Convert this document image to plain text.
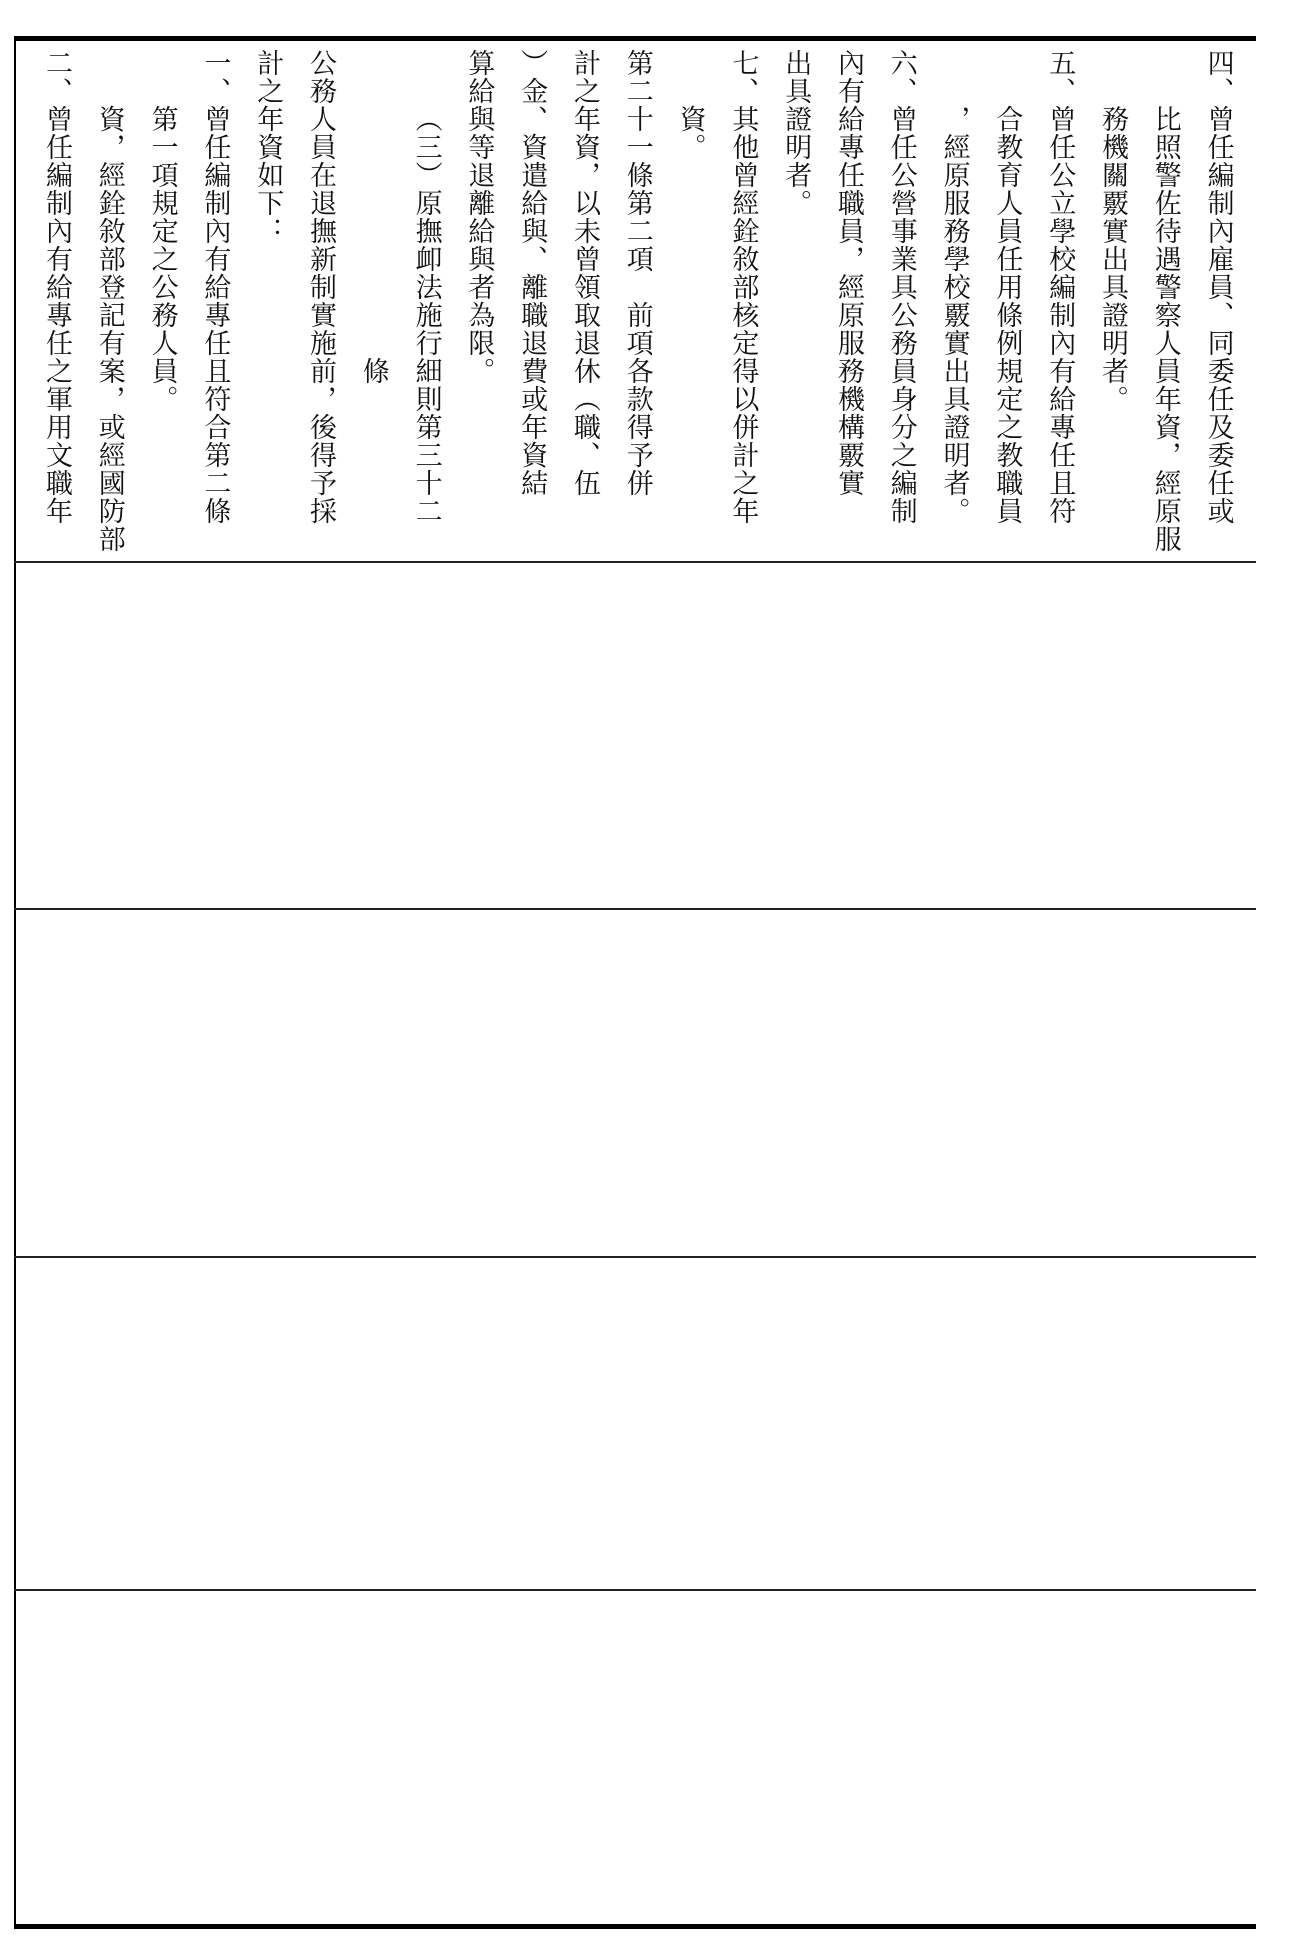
二、曾任編制內有給專任之軍用文職年 資，經銓敘部登記有案，或經國防部 第一項規定之公務人員。 一、曾任編制內有給專任且符合第二條 計之年資如下： 公務人員在退撫新制實施前，後得予採 條 （三）原撫卹法施行細則第三十二 算給與等退離給與者為限。 ）金、資遣給與、離職退費或年資結 計之年資，以未曾領取退休（職、伍 第二十一條第二項　前項各款得予併 資。 七、其他曾經銓敘部核定得以併計之年 出具證明者。 內有給專任職員，經原服務機構覈實 六、曾任公營事業具公務員身分之編制 ，經原服務學校覈實出具證明者。 合教育人員任用條例規定之教職員 五、曾任公立學校編制內有給專任且符 務機關覈實出具證明者。 比照警佐待遇警察人員年資，經原服 四、曾任編制內雇員、同委任及委任或
